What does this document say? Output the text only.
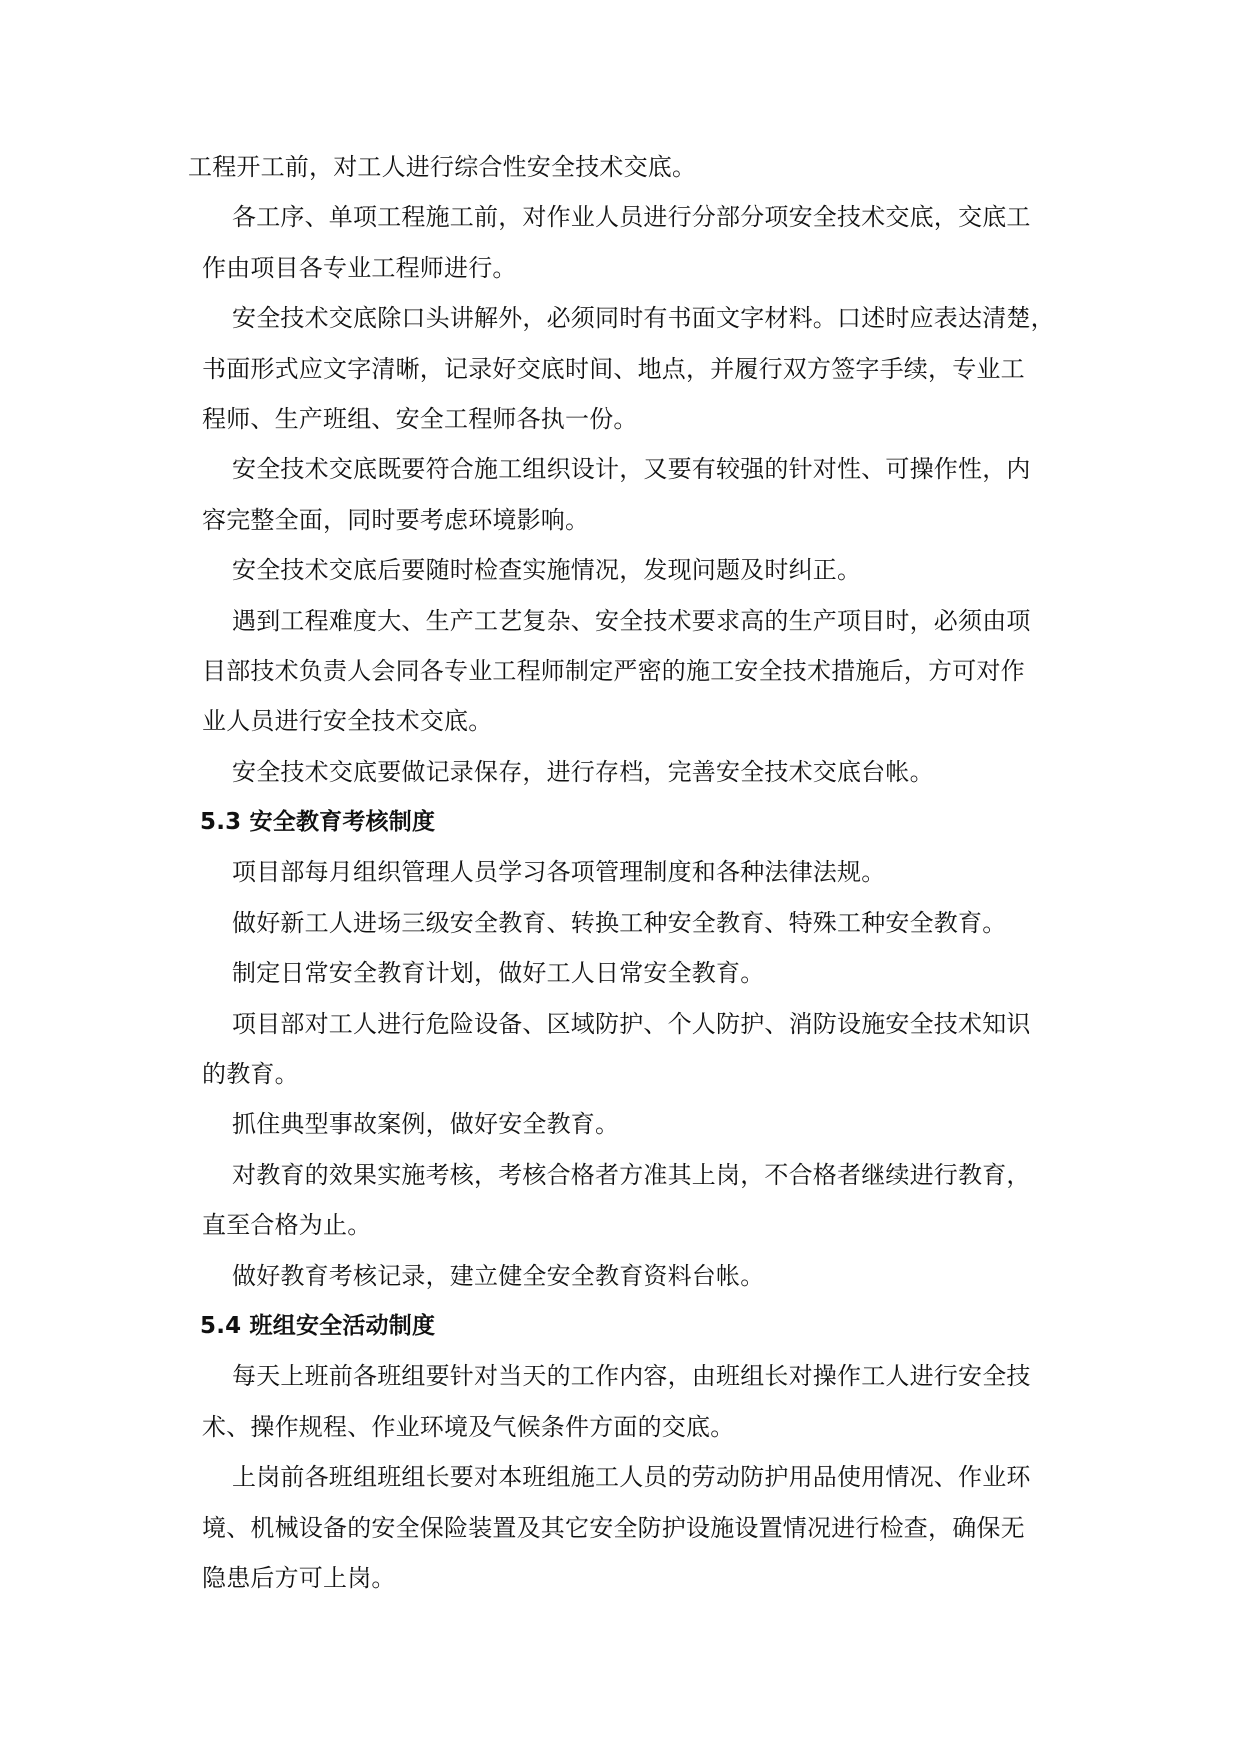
工程开工前，对工人进行综合性安全技术交底。
各工序、单项工程施工前，对作业人员进行分部分项安全技术交底，交底工
作由项目各专业工程师进行。
安全技术交底除口头讲解外，必须同时有书面文字材料。口述时应表达清楚，
书面形式应文字清晰，记录好交底时间、地点，并履行双方签字手续，专业工
程师、生产班组、安全工程师各执一份。
安全技术交底既要符合施工组织设计，又要有较强的针对性、可操作性，内
容完整全面，同时要考虑环境影响。
安全技术交底后要随时检查实施情况，发现问题及时纠正。
遇到工程难度大、生产工艺复杂、安全技术要求高的生产项目时，必须由项
目部技术负责人会同各专业工程师制定严密的施工安全技术措施后，方可对作
业人员进行安全技术交底。
安全技术交底要做记录保存，进行存档，完善安全技术交底台帐。
5.3 安全教育考核制度
项目部每月组织管理人员学习各项管理制度和各种法律法规。
做好新工人进场三级安全教育、转换工种安全教育、特殊工种安全教育。
制定日常安全教育计划，做好工人日常安全教育。
项目部对工人进行危险设备、区域防护、个人防护、消防设施安全技术知识
的教育。
抓住典型事故案例，做好安全教育。
对教育的效果实施考核，考核合格者方准其上岗，不合格者继续进行教育，
直至合格为止。
做好教育考核记录，建立健全安全教育资料台帐。
5.4 班组安全活动制度
每天上班前各班组要针对当天的工作内容，由班组长对操作工人进行安全技
术、操作规程、作业环境及气候条件方面的交底。
上岗前各班组班组长要对本班组施工人员的劳动防护用品使用情况、作业环
境、机械设备的安全保险装置及其它安全防护设施设置情况进行检查，确保无
隐患后方可上岗。
